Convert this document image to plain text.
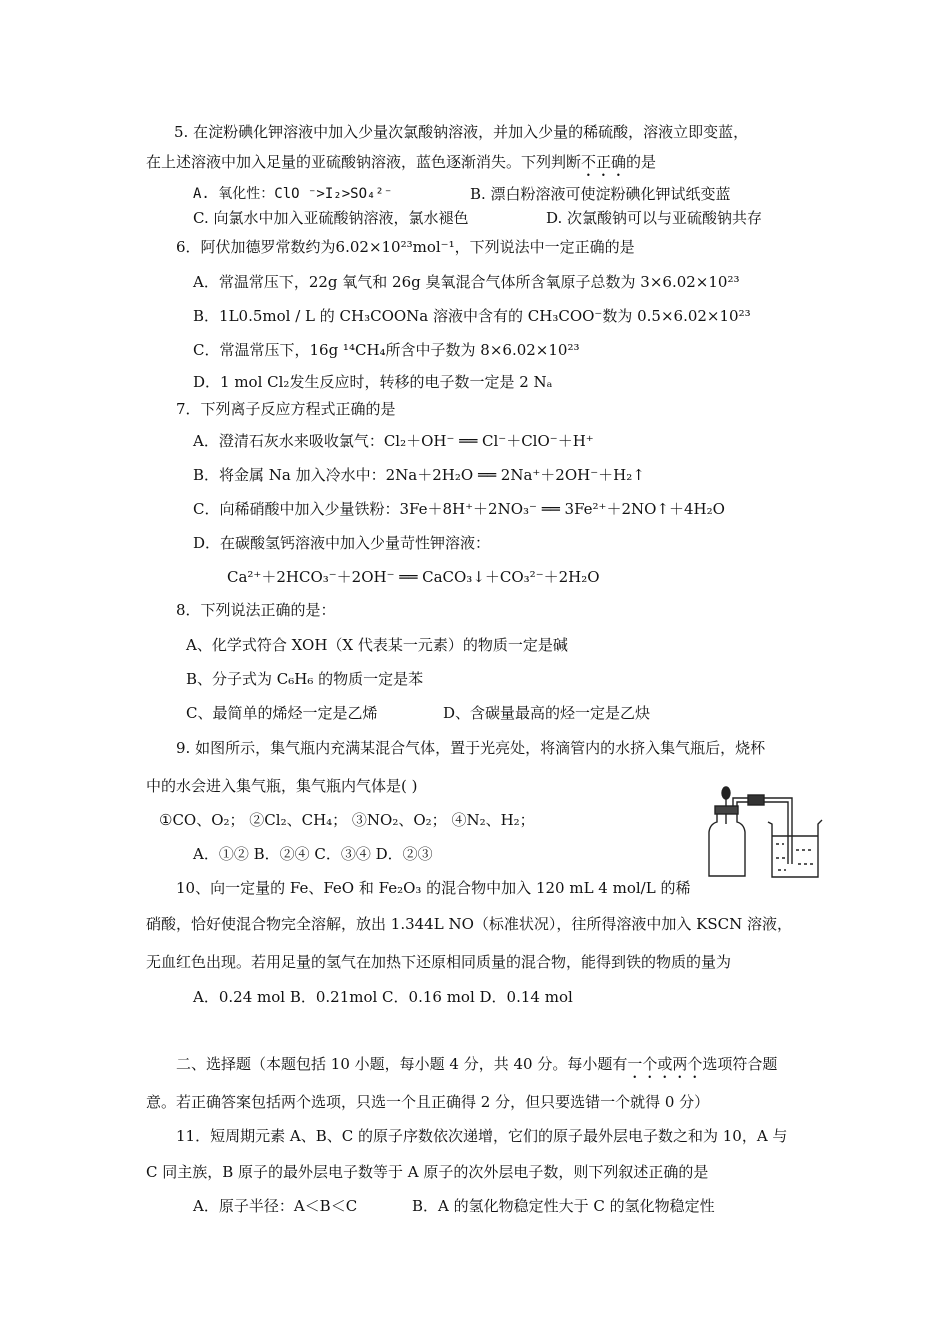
5. 在淀粉碘化钾溶液中加入少量次氯酸钠溶液，并加入少量的稀硫酸，溶液立即变蓝，
在上述溶液中加入足量的亚硫酸钠溶液，蓝色逐渐消失。下列判断不正确的是
A. 氧化性：ClO ⁻>I₂>SO₄²⁻	B. 漂白粉溶液可使淀粉碘化钾试纸变蓝
C. 向氯水中加入亚硫酸钠溶液，氯水褪色	D. 次氯酸钠可以与亚硫酸钠共存
6．阿伏加德罗常数约为6.02×10²³mol⁻¹，下列说法中一定正确的是
A．常温常压下，22g 氧气和 26g 臭氧混合气体所含氧原子总数为 3×6.02×10²³
B．1L0.5mol / L 的 CH₃COONa 溶液中含有的 CH₃COO⁻数为 0.5×6.02×10²³
C．常温常压下，16g ¹⁴CH₄所含中子数为 8×6.02×10²³
D．1 mol Cl₂发生反应时，转移的电子数一定是 2 Nₐ
7．下列离子反应方程式正确的是
A．澄清石灰水来吸收氯气：Cl₂＋OH⁻ ══ Cl⁻＋ClO⁻＋H⁺
B．将金属 Na 加入冷水中：2Na＋2H₂O ══ 2Na⁺＋2OH⁻＋H₂↑
C．向稀硝酸中加入少量铁粉：3Fe＋8H⁺＋2NO₃⁻ ══ 3Fe²⁺＋2NO↑＋4H₂O
D．在碳酸氢钙溶液中加入少量苛性钾溶液：
Ca²⁺＋2HCO₃⁻＋2OH⁻ ══ CaCO₃↓＋CO₃²⁻＋2H₂O
8．下列说法正确的是：
A、化学式符合 XOH（X 代表某一元素）的物质一定是碱
B、分子式为 C₆H₆ 的物质一定是苯
C、最简单的烯烃一定是乙烯	D、含碳量最高的烃一定是乙炔
9. 如图所示，集气瓶内充满某混合气体，置于光亮处，将滴管内的水挤入集气瓶后，烧杯
中的水会进入集气瓶，集气瓶内气体是( )
①CO、O₂； ②Cl₂、CH₄； ③NO₂、O₂； ④N₂、H₂；
A．①② B．②④ C．③④ D．②③
10、向一定量的 Fe、FeO 和 Fe₂O₃ 的混合物中加入 120 mL 4 mol/L 的稀
硝酸，恰好使混合物完全溶解，放出 1.344L NO（标准状况），往所得溶液中加入 KSCN 溶液，
无血红色出现。若用足量的氢气在加热下还原相同质量的混合物，能得到铁的物质的量为
A．0.24 mol B．0.21mol C．0.16 mol D．0.14 mol
二、选择题（本题包括 10 小题，每小题 4 分，共 40 分。每小题有一个或两个选项符合题
意。若正确答案包括两个选项，只选一个且正确得 2 分，但只要选错一个就得 0 分）
11．短周期元素 A、B、C 的原子序数依次递增，它们的原子最外层电子数之和为 10，A 与
C 同主族，B 原子的最外层电子数等于 A 原子的次外层电子数，则下列叙述正确的是
A．原子半径：A＜B＜C	B．A 的氢化物稳定性大于 C 的氢化物稳定性
